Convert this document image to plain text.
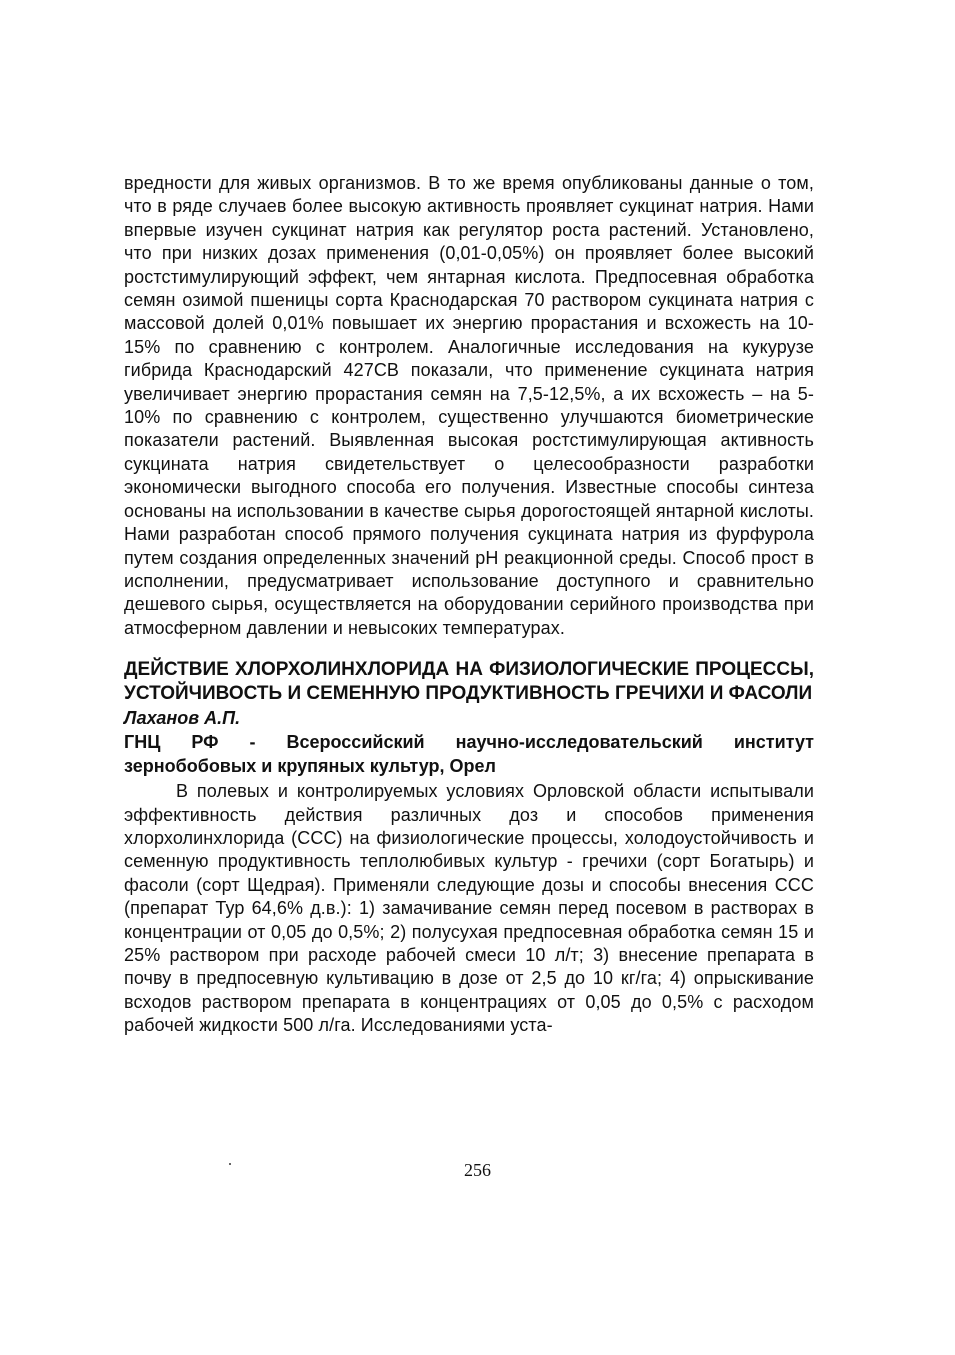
вредности для живых организмов. В то же время опубликованы данные о том, что в ряде случаев более высокую активность проявляет сукцинат натрия. Нами впервые изучен сукцинат натрия как регулятор роста растений. Установлено, что при низких дозах применения (0,01-0,05%) он проявляет более высокий ростстимулирующий эффект, чем янтарная кислота. Предпосевная обработка семян озимой пшеницы сорта Краснодарская 70 раствором сукцината натрия с массовой долей 0,01% повышает их энергию прорастания и всхожесть на 10-15% по сравнению с контролем. Аналогичные исследования на кукурузе гибрида Краснодарский 427СВ показали, что применение сукцината натрия увеличивает энергию прорастания семян на 7,5-12,5%, а их всхожесть – на 5-10% по сравнению с контролем, существенно улучшаются биометрические показатели растений. Выявленная высокая ростстимулирующая активность сукцината натрия свидетельствует о целесообразности разработки экономически выгодного способа его получения. Известные способы синтеза основаны на использовании в качестве сырья дорогостоящей янтарной кислоты. Нами разработан способ прямого получения сукцината натрия из фурфурола путем создания определенных значений pH реакционной среды. Способ прост в исполнении, предусматривает использование доступного и сравнительно дешевого сырья, осуществляется на оборудовании серийного производства при атмосферном давлении и невысоких температурах.

ДЕЙСТВИЕ ХЛОРХОЛИНХЛОРИДА НА ФИЗИОЛОГИЧЕСКИЕ ПРОЦЕССЫ, УСТОЙЧИВОСТЬ И СЕМЕННУЮ ПРОДУКТИВНОСТЬ ГРЕЧИХИ И ФАСОЛИ

Лаханов А.П.

ГНЦ РФ - Всероссийский научно-исследовательский институт зернобобовых и крупяных культур, Орел

В полевых и контролируемых условиях Орловской области испытывали эффективность действия различных доз и способов применения хлорхолинхлорида (ССС) на физиологические процессы, холодоустойчивость и семенную продуктивность теплолюбивых культур - гречихи (сорт Богатырь) и фасоли (сорт Щедрая). Применяли следующие дозы и способы внесения ССС (препарат Тур 64,6% д.в.): 1) замачивание семян перед посевом в растворах в концентрации от 0,05 до 0,5%; 2) полусухая предпосевная обработка семян 15 и 25% раствором при расходе рабочей смеси 10 л/т; 3) внесение препарата в почву в предпосевную культивацию в дозе от 2,5 до 10 кг/га; 4) опрыскивание всходов раствором препарата в концентрациях от 0,05 до 0,5% с расходом рабочей жидкости 500 л/га. Исследованиями уста-

256
